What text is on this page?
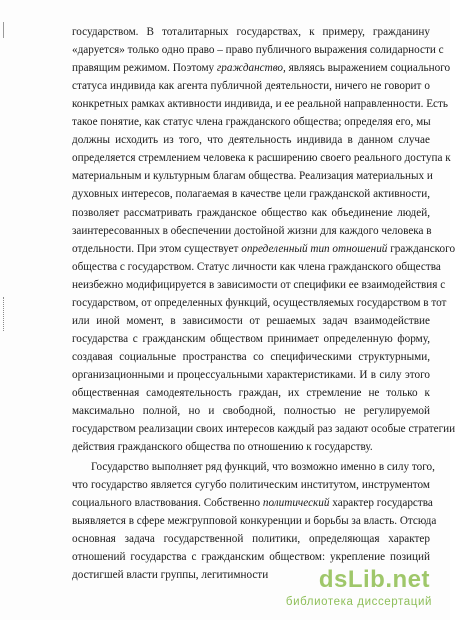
государством. В тоталитарных государствах, к примеру, гражданину
«даруется» только одно право – право публичного выражения солидарности с
правящим режимом. Поэтому гражданство, являясь выражением социального
статуса индивида как агента публичной деятельности, ничего не говорит о
конкретных рамках активности индивида, и ее реальной направленности. Есть
такое понятие, как статус члена гражданского общества; определяя его, мы
должны исходить из того, что деятельность индивида в данном случае
определяется стремлением человека к расширению своего реального доступа к
материальным и культурным благам общества. Реализация материальных и
духовных интересов, полагаемая в качестве цели гражданской активности,
позволяет рассматривать гражданское общество как объединение людей,
заинтересованных в обеспечении достойной жизни для каждого человека в
отдельности. При этом существует определенный тип отношений гражданского
общества с государством. Статус личности как члена гражданского общества
неизбежно модифицируется в зависимости от специфики ее взаимодействия с
государством, от определенных функций, осуществляемых государством в тот
или иной момент, в зависимости от решаемых задач взаимодействие
государства с гражданским обществом принимает определенную форму,
создавая социальные пространства со специфическими структурными,
организационными и процессуальными характеристиками. И в силу этого
общественная самодеятельность граждан, их стремление не только к
максимально полной, но и свободной, полностью не регулируемой
государством реализации своих интересов каждый раз задают особые стратегии
действия гражданского общества по отношению к государству.
Государство выполняет ряд функций, что возможно именно в силу того,
что государство является сугубо политическим институтом, инструментом
социального властвования. Собственно политический характер государства
выявляется в сфере межгрупповой конкуренции и борьбы за власть. Отсюда
основная задача государственной политики, определяющая характер
отношений государства с гражданским обществом: укрепление позиций
достигшей власти группы, легитимности	dsLib.net
библиотека диссертаций
